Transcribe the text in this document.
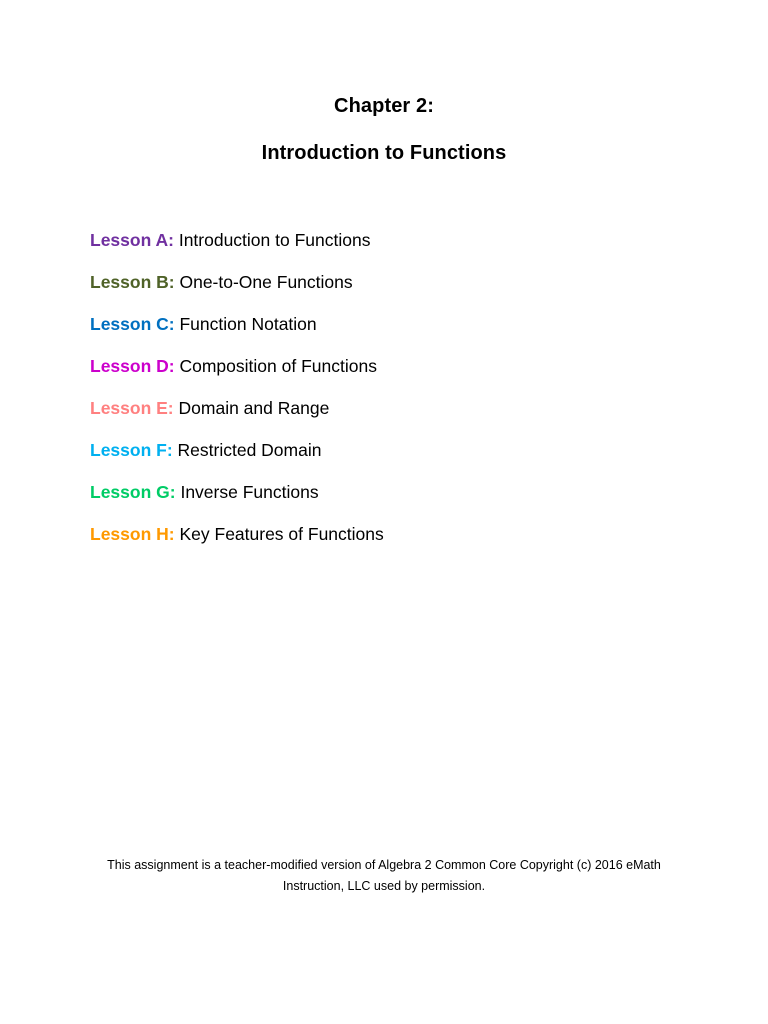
Chapter 2:
Introduction to Functions
Lesson A: Introduction to Functions
Lesson B: One-to-One Functions
Lesson C: Function Notation
Lesson D: Composition of Functions
Lesson E: Domain and Range
Lesson F: Restricted Domain
Lesson G: Inverse Functions
Lesson H: Key Features of Functions

This assignment is a teacher-modified version of Algebra 2 Common Core Copyright (c) 2016 eMath
Instruction, LLC used by permission.
